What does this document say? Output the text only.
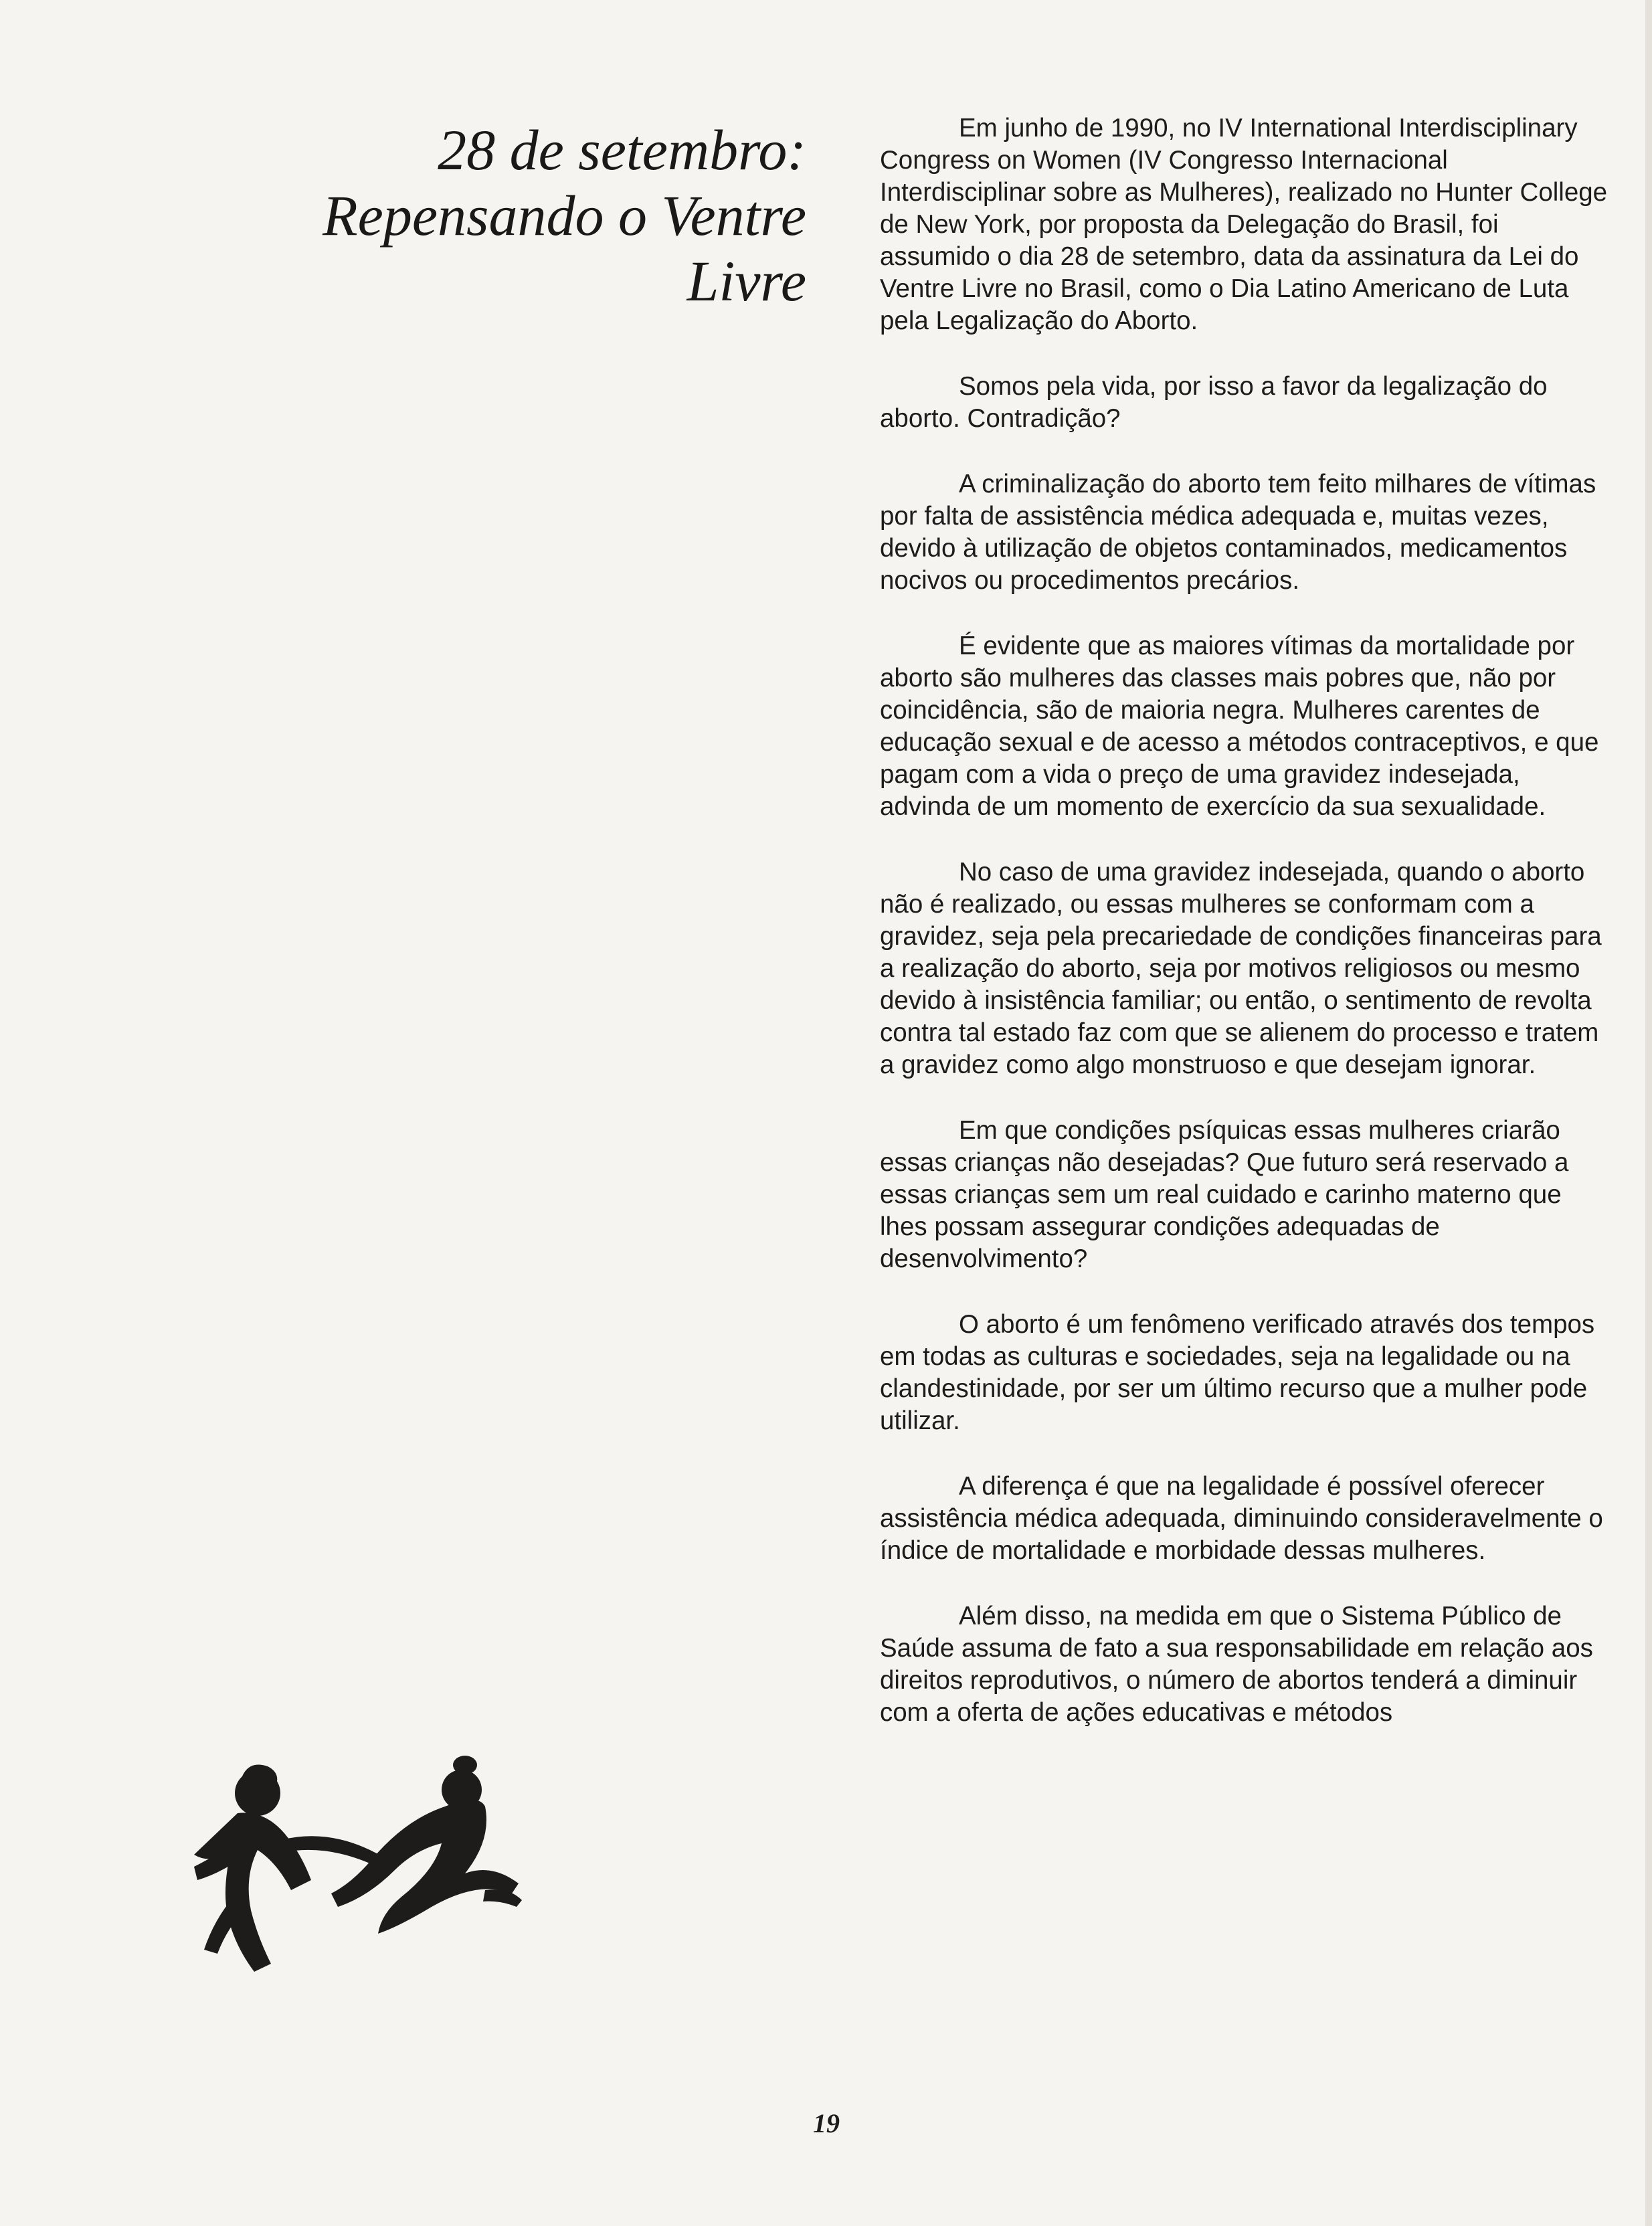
28 de setembro:
Repensando o Ventre
Livre

Em junho de 1990, no IV International Interdisciplinary Congress on Women (IV Congresso Internacional Interdisciplinar sobre as Mulheres), realizado no Hunter College de New York, por proposta da Delegação do Brasil, foi assumido o dia 28 de setembro, data da assinatura da Lei do Ventre Livre no Brasil, como o Dia Latino Americano de Luta pela Legalização do Aborto.

Somos pela vida, por isso a favor da legalização do aborto. Contradição?

A criminalização do aborto tem feito milhares de vítimas por falta de assistência médica adequada e, muitas vezes, devido à utilização de objetos contaminados, medicamentos nocivos ou procedimentos precários.

É evidente que as maiores vítimas da mortalidade por aborto são mulheres das classes mais pobres que, não por coincidência, são de maioria negra. Mulheres carentes de educação sexual e de acesso a métodos contraceptivos, e que pagam com a vida o preço de uma gravidez indesejada, advinda de um momento de exercício da sua sexualidade.

No caso de uma gravidez indesejada, quando o aborto não é realizado, ou essas mulheres se conformam com a gravidez, seja pela precariedade de condições financeiras para a realização do aborto, seja por motivos religiosos ou mesmo devido à insistência familiar; ou então, o sentimento de revolta contra tal estado faz com que se alienem do processo e tratem a gravidez como algo monstruoso e que desejam ignorar.

Em que condições psíquicas essas mulheres criarão essas crianças não desejadas? Que futuro será reservado a essas crianças sem um real cuidado e carinho materno que lhes possam assegurar condições adequadas de desenvolvimento?

O aborto é um fenômeno verificado através dos tempos em todas as culturas e sociedades, seja na legalidade ou na clandestinidade, por ser um último recurso que a mulher pode utilizar.

A diferença é que na legalidade é possível oferecer assistência médica adequada, diminuindo consideravelmente o índice de mortalidade e morbidade dessas mulheres.

Além disso, na medida em que o Sistema Público de Saúde assuma de fato a sua responsabilidade em relação aos direitos reprodutivos, o número de abortos tenderá a diminuir com a oferta de ações educativas e métodos

19
